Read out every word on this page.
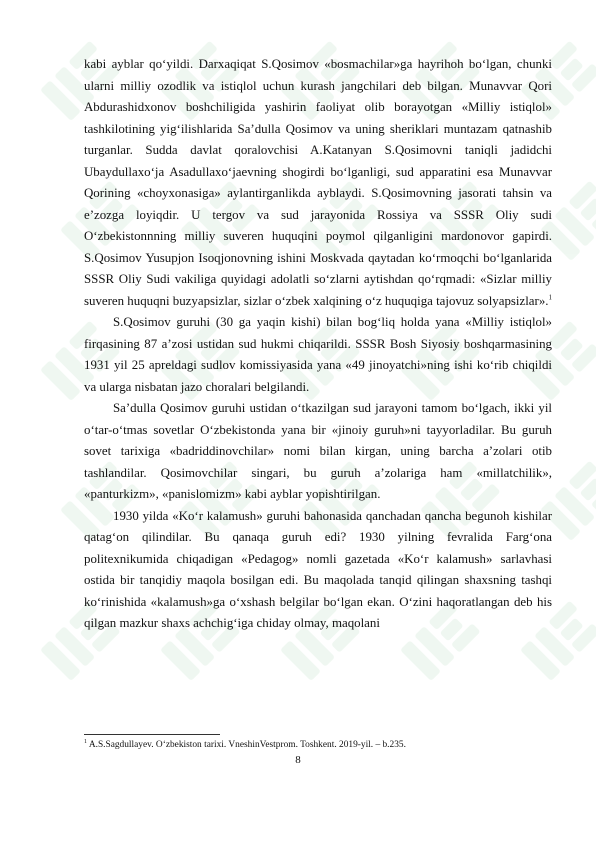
kabi ayblar qo‘yildi. Darxaqiqat S.Qosimov «bosmachilar»ga hayrihoh bo‘lgan, chunki ularni milliy ozodlik va istiqlol uchun kurash jangchilari deb bilgan. Munavvar Qori Abdurashidxonov boshchiligida yashirin faoliyat olib borayotgan «Milliy istiqlol» tashkilotining yig‘ilishlarida Sa’dulla Qosimov va uning sheriklari muntazam qatnashib turganlar. Sudda davlat qoralovchisi A.Katanyan S.Qosimovni taniqli jadidchi Ubaydullaxo‘ja Asadullaxo‘jaevning shogirdi bo‘lganligi, sud apparatini esa Munavvar Qorining «choyxonasiga» aylantirganlikda ayblaydi. S.Qosimovning jasorati tahsin va e’zozga loyiqdir. U tergov va sud jarayonida Rossiya va SSSR Oliy sudi O‘zbekistonnning milliy suveren huquqini poymol qilganligini mardonovor gapirdi. S.Qosimov Yusupjon Isoqjonovning ishini Moskvada qaytadan ko‘rmoqchi bo‘lganlarida SSSR Oliy Sudi vakiliga quyidagi adolatli so‘zlarni aytishdan qo‘rqmadi: «Sizlar milliy suveren huquqni buzyapsizlar, sizlar o‘zbek xalqining o‘z huquqiga tajovuz solyapsizlar».$^1$

S.Qosimov guruhi (30 ga yaqin kishi) bilan bog‘liq holda yana «Milliy istiqlol» firqasining 87 a’zosi ustidan sud hukmi chiqarildi. SSSR Bosh Siyosiy boshqarmasining 1931 yil 25 apreldagi sudlov komissiyasida yana «49 jinoyatchi»ning ishi ko‘rib chiqildi va ularga nisbatan jazo choralari belgilandi.

Sa’dulla Qosimov guruhi ustidan o‘tkazilgan sud jarayoni tamom bo‘lgach, ikki yil o‘tar-o‘tmas sovetlar O‘zbekistonda yana bir «jinoiy guruh»ni tayyorladilar. Bu guruh sovet tarixiga «badriddinovchilar» nomi bilan kirgan, uning barcha a’zolari otib tashlandilar. Qosimovchilar singari, bu guruh a’zolariga ham «millatchilik», «panturkizm», «panislomizm» kabi ayblar yopishtirilgan.

1930 yilda «Ko‘r kalamush» guruhi bahonasida qanchadan qancha begunoh kishilar qatag‘on qilindilar. Bu qanaqa guruh edi? 1930 yilning fevralida Farg‘ona politexnikumida chiqadigan «Pedagog» nomli gazetada «Ko‘r kalamush» sarlavhasi ostida bir tanqidiy maqola bosilgan edi. Bu maqolada tanqid qilingan shaxsning tashqi ko‘rinishida «kalamush»ga o‘xshash belgilar bo‘lgan ekan. O‘zini haqoratlangan deb his qilgan mazkur shaxs achchig‘iga chiday olmay, maqolani

$^1$ A.S.Sagdullayev. O‘zbekiston tarixi. VneshinVestprom. Toshkent. 2019-yil. – b.235.
8
